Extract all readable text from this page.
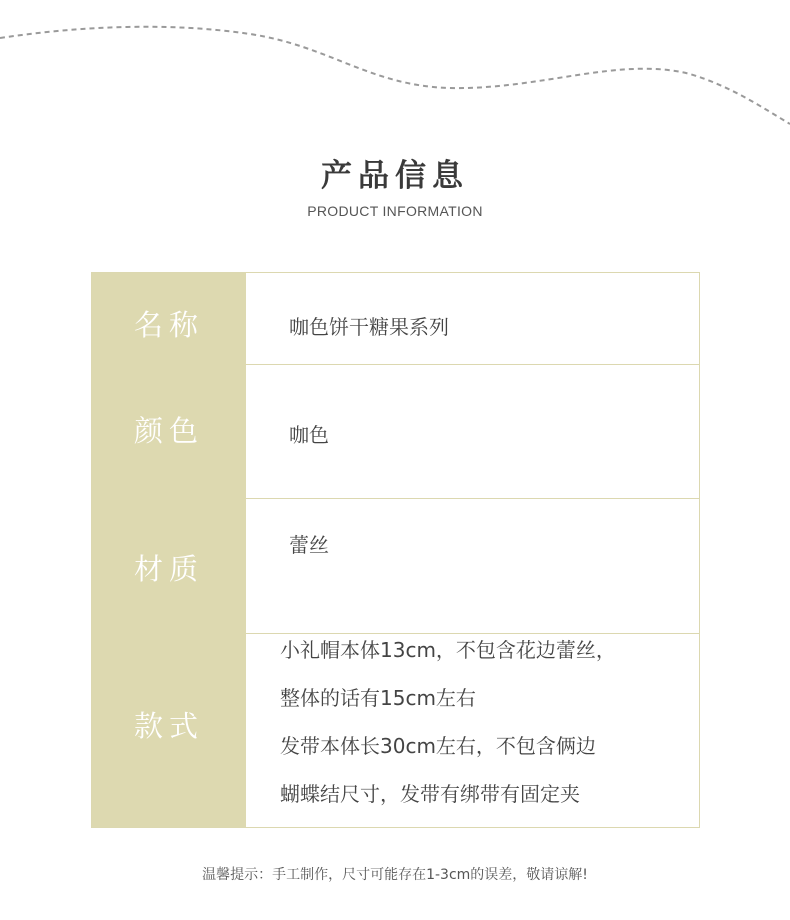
产品信息
PRODUCT INFORMATION
名称	咖色饼干糖果系列
颜色	咖色
材质
蕾丝
款式
小礼帽本体13cm，不包含花边蕾丝，
整体的话有15cm左右
发带本体长30cm左右，不包含俩边
蝴蝶结尺寸，发带有绑带有固定夹
温馨提示：手工制作，尺寸可能存在1-3cm的误差，敬请谅解!
